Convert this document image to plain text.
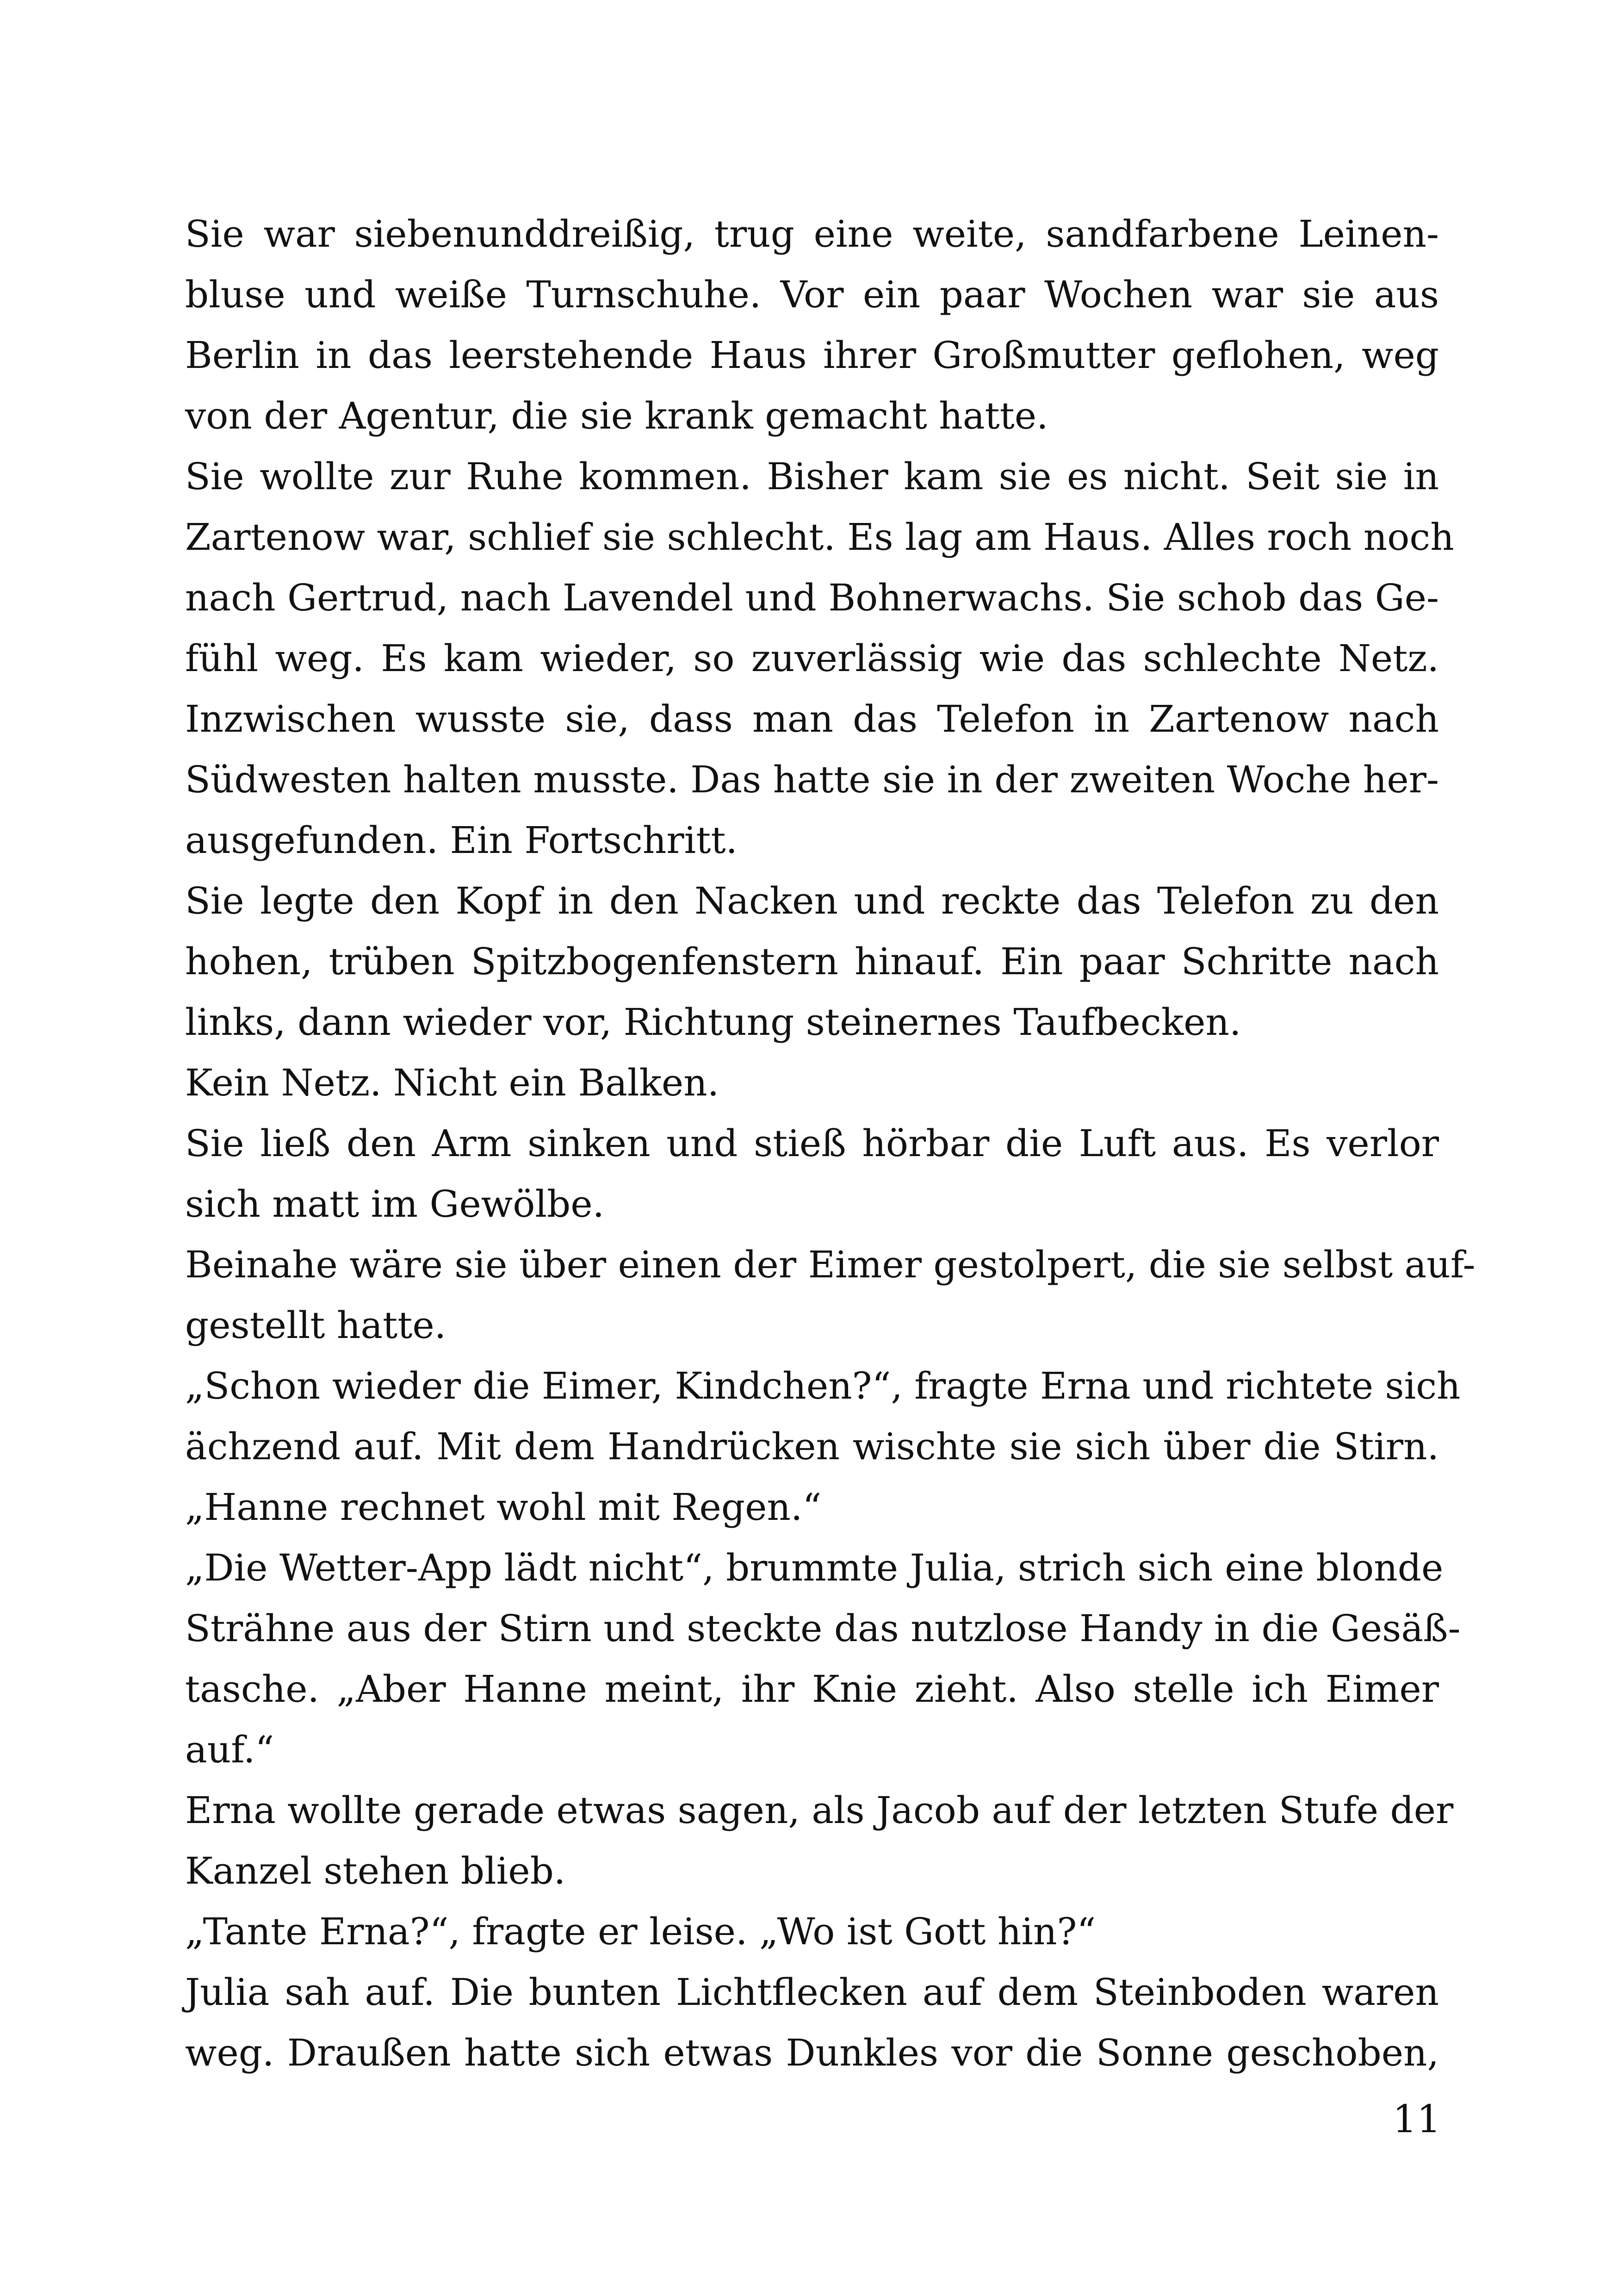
Sie war siebenunddreißig, trug eine weite, sandfarbene Leinen-
bluse und weiße Turnschuhe. Vor ein paar Wochen war sie aus
Berlin in das leerstehende Haus ihrer Großmutter geflohen, weg
von der Agentur, die sie krank gemacht hatte.
Sie wollte zur Ruhe kommen. Bisher kam sie es nicht. Seit sie in
Zartenow war, schlief sie schlecht. Es lag am Haus. Alles roch noch
nach Gertrud, nach Lavendel und Bohnerwachs. Sie schob das Ge-
fühl weg. Es kam wieder, so zuverlässig wie das schlechte Netz.
Inzwischen wusste sie, dass man das Telefon in Zartenow nach
Südwesten halten musste. Das hatte sie in der zweiten Woche her-
ausgefunden. Ein Fortschritt.
Sie legte den Kopf in den Nacken und reckte das Telefon zu den
hohen, trüben Spitzbogenfenstern hinauf. Ein paar Schritte nach
links, dann wieder vor, Richtung steinernes Taufbecken.
Kein Netz. Nicht ein Balken.
Sie ließ den Arm sinken und stieß hörbar die Luft aus. Es verlor
sich matt im Gewölbe.
Beinahe wäre sie über einen der Eimer gestolpert, die sie selbst auf-
gestellt hatte.
„Schon wieder die Eimer, Kindchen?“, fragte Erna und richtete sich
ächzend auf. Mit dem Handrücken wischte sie sich über die Stirn.
„Hanne rechnet wohl mit Regen.“
„Die Wetter-App lädt nicht“, brummte Julia, strich sich eine blonde
Strähne aus der Stirn und steckte das nutzlose Handy in die Gesäß-
tasche. „Aber Hanne meint, ihr Knie zieht. Also stelle ich Eimer
auf.“
Erna wollte gerade etwas sagen, als Jacob auf der letzten Stufe der
Kanzel stehen blieb.
„Tante Erna?“, fragte er leise. „Wo ist Gott hin?“
Julia sah auf. Die bunten Lichtflecken auf dem Steinboden waren
weg. Draußen hatte sich etwas Dunkles vor die Sonne geschoben,
11
